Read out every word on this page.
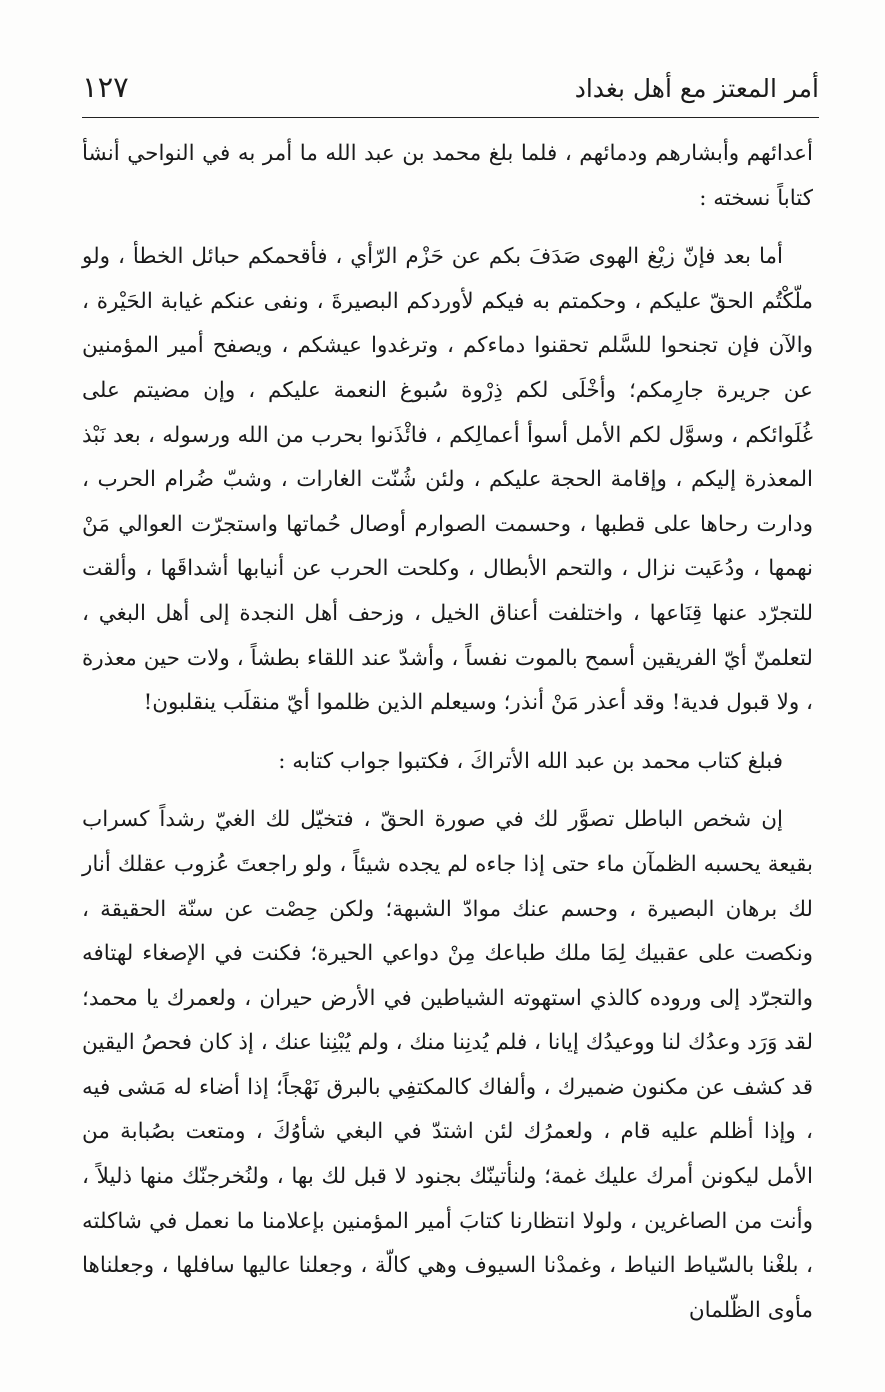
أمر المعتز مع أهل بغداد
١٢٧

أعدائهم وأبشارهم ودمائهم ، فلما بلغ محمد بن عبد الله ما أمر به في النواحي أنشأ كتاباً نسخته :

أما بعد فإنّ زيْغ الهوى صَدَفَ بكم عن حَزْم الرّأي ، فأقحمكم حبائل الخطأ ، ولو ملّكْتُم الحقّ عليكم ، وحكمتم به فيكم لأوردكم البصيرةَ ، ونفى عنكم غيابة الحَيْرة ، والآن فإن تجنحوا للسَّلم تحقنوا دماءكم ، وترغدوا عيشكم ، ويصفح أمير المؤمنين عن جريرة جارِمكم؛ وأخْلَى لكم ذِرْوة سُبوغ النعمة عليكم ، وإن مضيتم على غُلَوائكم ، وسوَّل لكم الأمل أسوأ أعمالِكم ، فائْذَنوا بحرب من الله ورسوله ، بعد نَبْذ المعذرة إليكم ، وإقامة الحجة عليكم ، ولئن شُنّت الغارات ، وشبّ ضُرام الحرب ، ودارت رحاها على قطبها ، وحسمت الصوارم أوصال حُماتها واستجرّت العوالي مَنْ نهمها ، ودُعَيت نزال ، والتحم الأبطال ، وكلحت الحرب عن أنيابها أشداقَها ، وألقت للتجرّد عنها قِنَاعها ، واختلفت أعناق الخيل ، وزحف أهل النجدة إلى أهل البغي ، لتعلمنّ أيّ الفريقين أسمح بالموت نفساً ، وأشدّ عند اللقاء بطشاً ، ولات حين معذرة ، ولا قبول فدية! وقد أعذر مَنْ أنذر؛ وسيعلم الذين ظلموا أيّ منقلَب ينقلبون!

فبلغ كتاب محمد بن عبد الله الأتراكَ ، فكتبوا جواب كتابه :

إن شخص الباطل تصوَّر لك في صورة الحقّ ، فتخيّل لك الغيّ رشداً كسراب بقيعة يحسبه الظمآن ماء حتى إذا جاءه لم يجده شيئاً ، ولو راجعتَ عُزوب عقلك أنار لك برهان البصيرة ، وحسم عنك موادّ الشبهة؛ ولكن حِصْت عن سنّة الحقيقة ، ونكصت على عقبيك لِمَا ملك طباعك مِنْ دواعي الحيرة؛ فكنت في الإصغاء لهتافه والتجرّد إلى وروده كالذي استهوته الشياطين في الأرض حيران ، ولعمرك يا محمد؛ لقد وَرَد وعدُك لنا ووعيدُك إيانا ، فلم يُدنِنا منك ، ولم يُبْنِنا عنك ، إذ كان فحصُ اليقين قد كشف عن مكنون ضميرك ، وألفاك كالمكتفِي بالبرق نَهْجاً؛ إذا أضاء له مَشى فيه ، وإذا أظلم عليه قام ، ولعمرُك لئن اشتدّ في البغي شأوُكَ ، ومتعت بصُبابة من الأمل ليكونن أمرك عليك غمة؛ ولنأتينّك بجنود لا قبل لك بها ، ولنُخرجنّك منها ذليلاً ، وأنت من الصاغرين ، ولولا انتظارنا كتابَ أمير المؤمنين بإعلامنا ما نعمل في شاكلته ، بلغْنا بالسّياط النياط ، وغمدْنا السيوف وهي كالّة ، وجعلنا عاليها سافلها ، وجعلناها مأوى الظّلمان
